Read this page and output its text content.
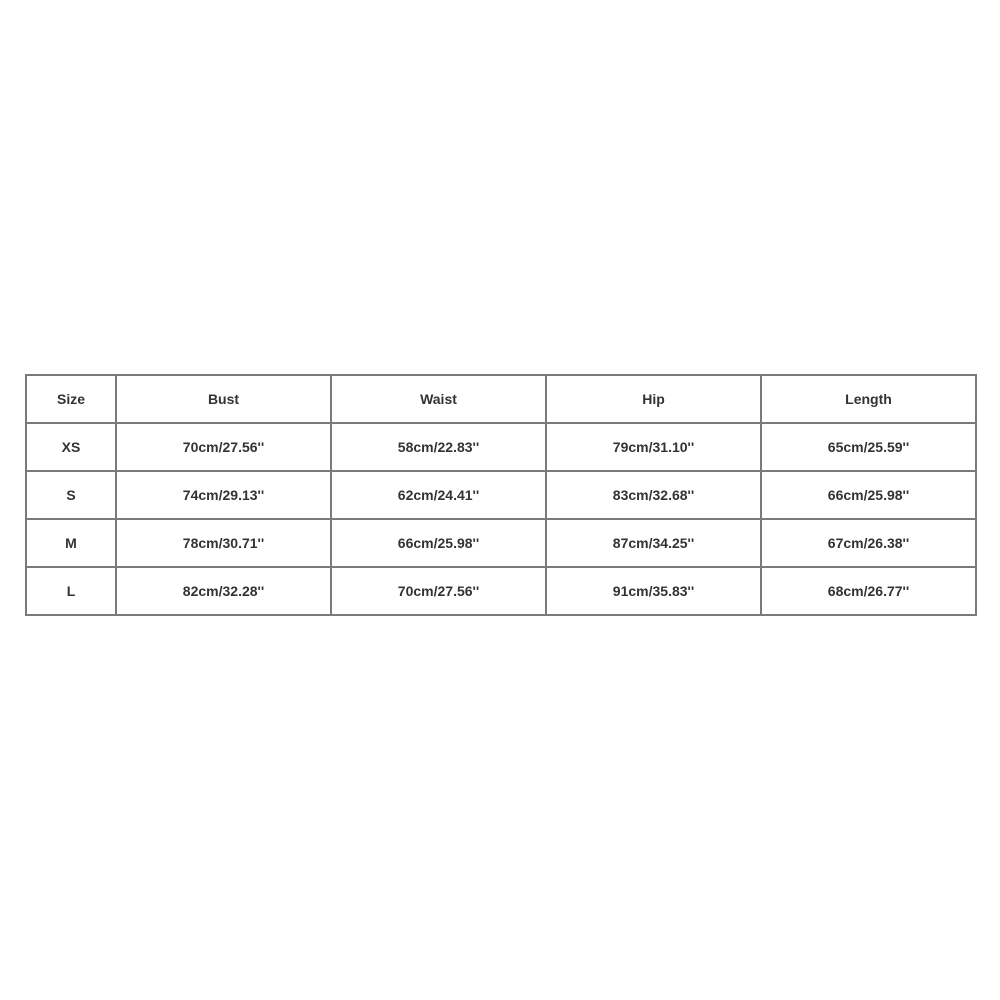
Size	Bust	Waist	Hip	Length
XS	70cm/27.56''	58cm/22.83''	79cm/31.10''	65cm/25.59''
S	74cm/29.13''	62cm/24.41''	83cm/32.68''	66cm/25.98''
M	78cm/30.71''	66cm/25.98''	87cm/34.25''	67cm/26.38''
L	82cm/32.28''	70cm/27.56''	91cm/35.83''	68cm/26.77''
